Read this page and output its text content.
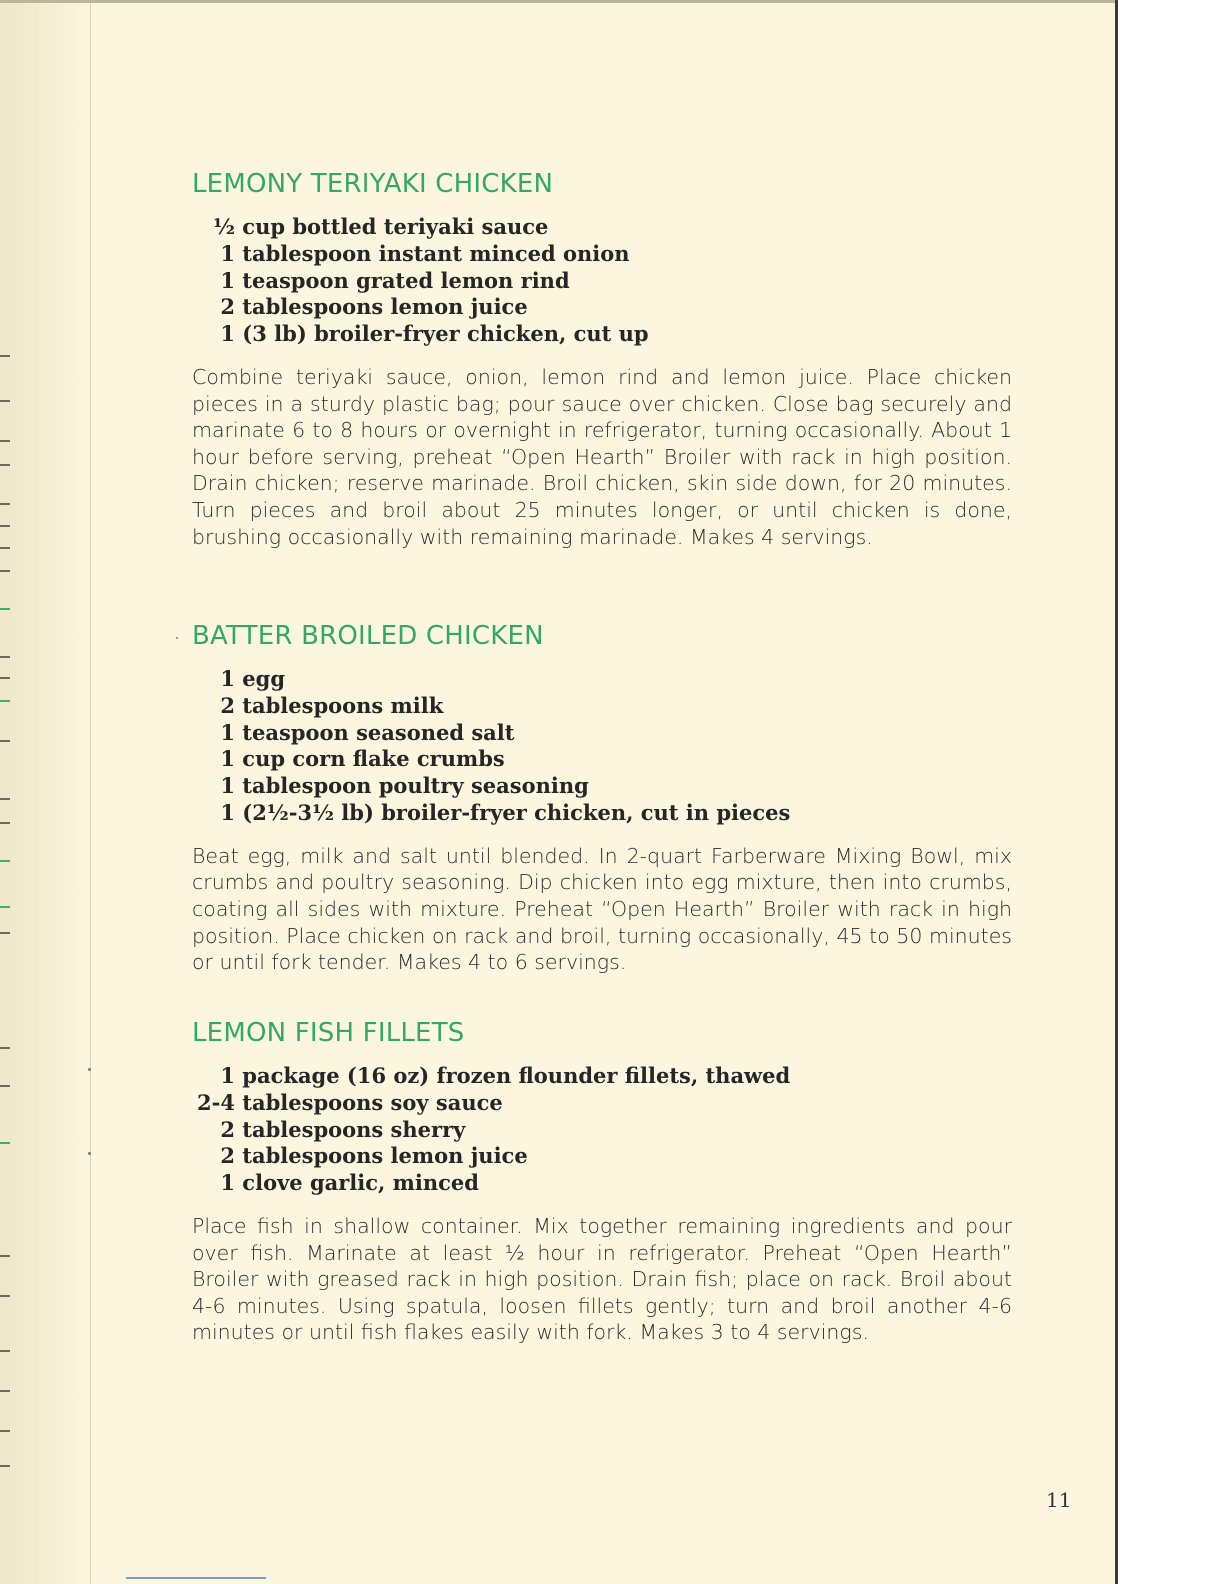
LEMONY TERIYAKI CHICKEN
½ cup bottled teriyaki sauce
1 tablespoon instant minced onion
1 teaspoon grated lemon rind
2 tablespoons lemon juice
1 (3 lb) broiler-fryer chicken, cut up

Combine teriyaki sauce, onion, lemon rind and lemon juice. Place chicken pieces in a sturdy plastic bag; pour sauce over chicken. Close bag securely and marinate 6 to 8 hours or overnight in refrigerator, turning occasionally. About 1 hour before serving, preheat “Open Hearth” Broiler with rack in high position. Drain chicken; reserve marinade. Broil chicken, skin side down, for 20 minutes. Turn pieces and broil about 25 minutes longer, or until chicken is done, brushing occasionally with remaining marinade. Makes 4 servings.

BATTER BROILED CHICKEN
1 egg
2 tablespoons milk
1 teaspoon seasoned salt
1 cup corn flake crumbs
1 tablespoon poultry seasoning
1 (2½-3½ lb) broiler-fryer chicken, cut in pieces

Beat egg, milk and salt until blended. In 2-quart Farberware Mixing Bowl, mix crumbs and poultry seasoning. Dip chicken into egg mixture, then into crumbs, coating all sides with mixture. Preheat “Open Hearth” Broiler with rack in high position. Place chicken on rack and broil, turning occasionally, 45 to 50 minutes or until fork tender. Makes 4 to 6 servings.

LEMON FISH FILLETS
1 package (16 oz) frozen flounder fillets, thawed
2-4 tablespoons soy sauce
2 tablespoons sherry
2 tablespoons lemon juice
1 clove garlic, minced

Place fish in shallow container. Mix together remaining ingredients and pour over fish. Marinate at least ½ hour in refrigerator. Preheat “Open Hearth” Broiler with greased rack in high position. Drain fish; place on rack. Broil about 4-6 minutes. Using spatula, loosen fillets gently; turn and broil another 4-6 minutes or until fish flakes easily with fork. Makes 3 to 4 servings.

11
